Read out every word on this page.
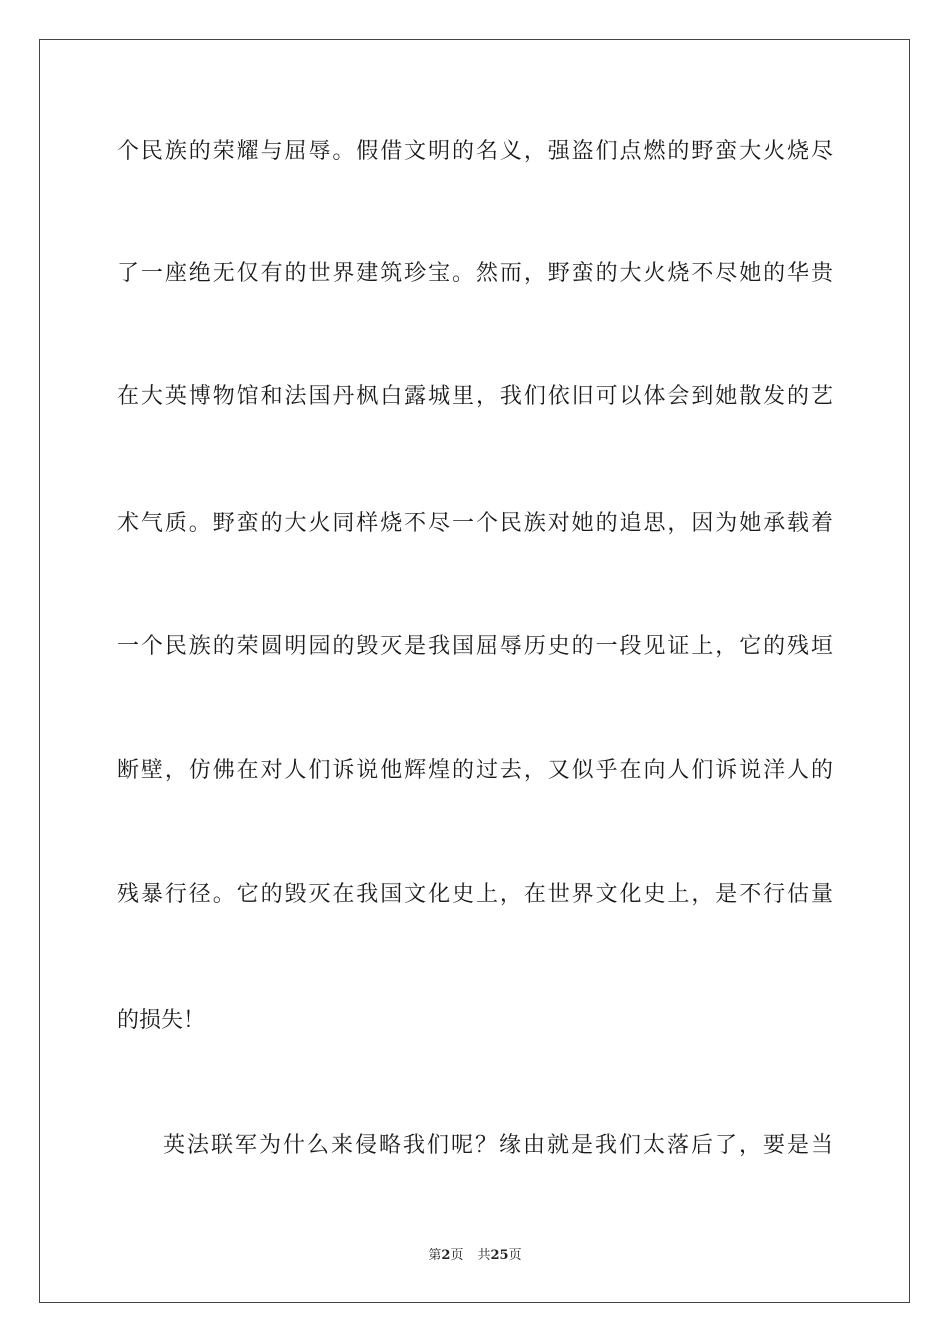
个民族的荣耀与屈辱。假借文明的名义，强盗们点燃的野蛮大火烧尽
了一座绝无仅有的世界建筑珍宝。然而，野蛮的大火烧不尽她的华贵
在大英博物馆和法国丹枫白露城里，我们依旧可以体会到她散发的艺
术气质。野蛮的大火同样烧不尽一个民族对她的追思，因为她承载着
一个民族的荣圆明园的毁灭是我国屈辱历史的一段见证上，它的残垣
断壁，仿佛在对人们诉说他辉煌的过去，又似乎在向人们诉说洋人的
残暴行径。它的毁灭在我国文化史上，在世界文化史上，是不行估量
的损失！
英法联军为什么来侵略我们呢？缘由就是我们太落后了，要是当
第2页 共25页
